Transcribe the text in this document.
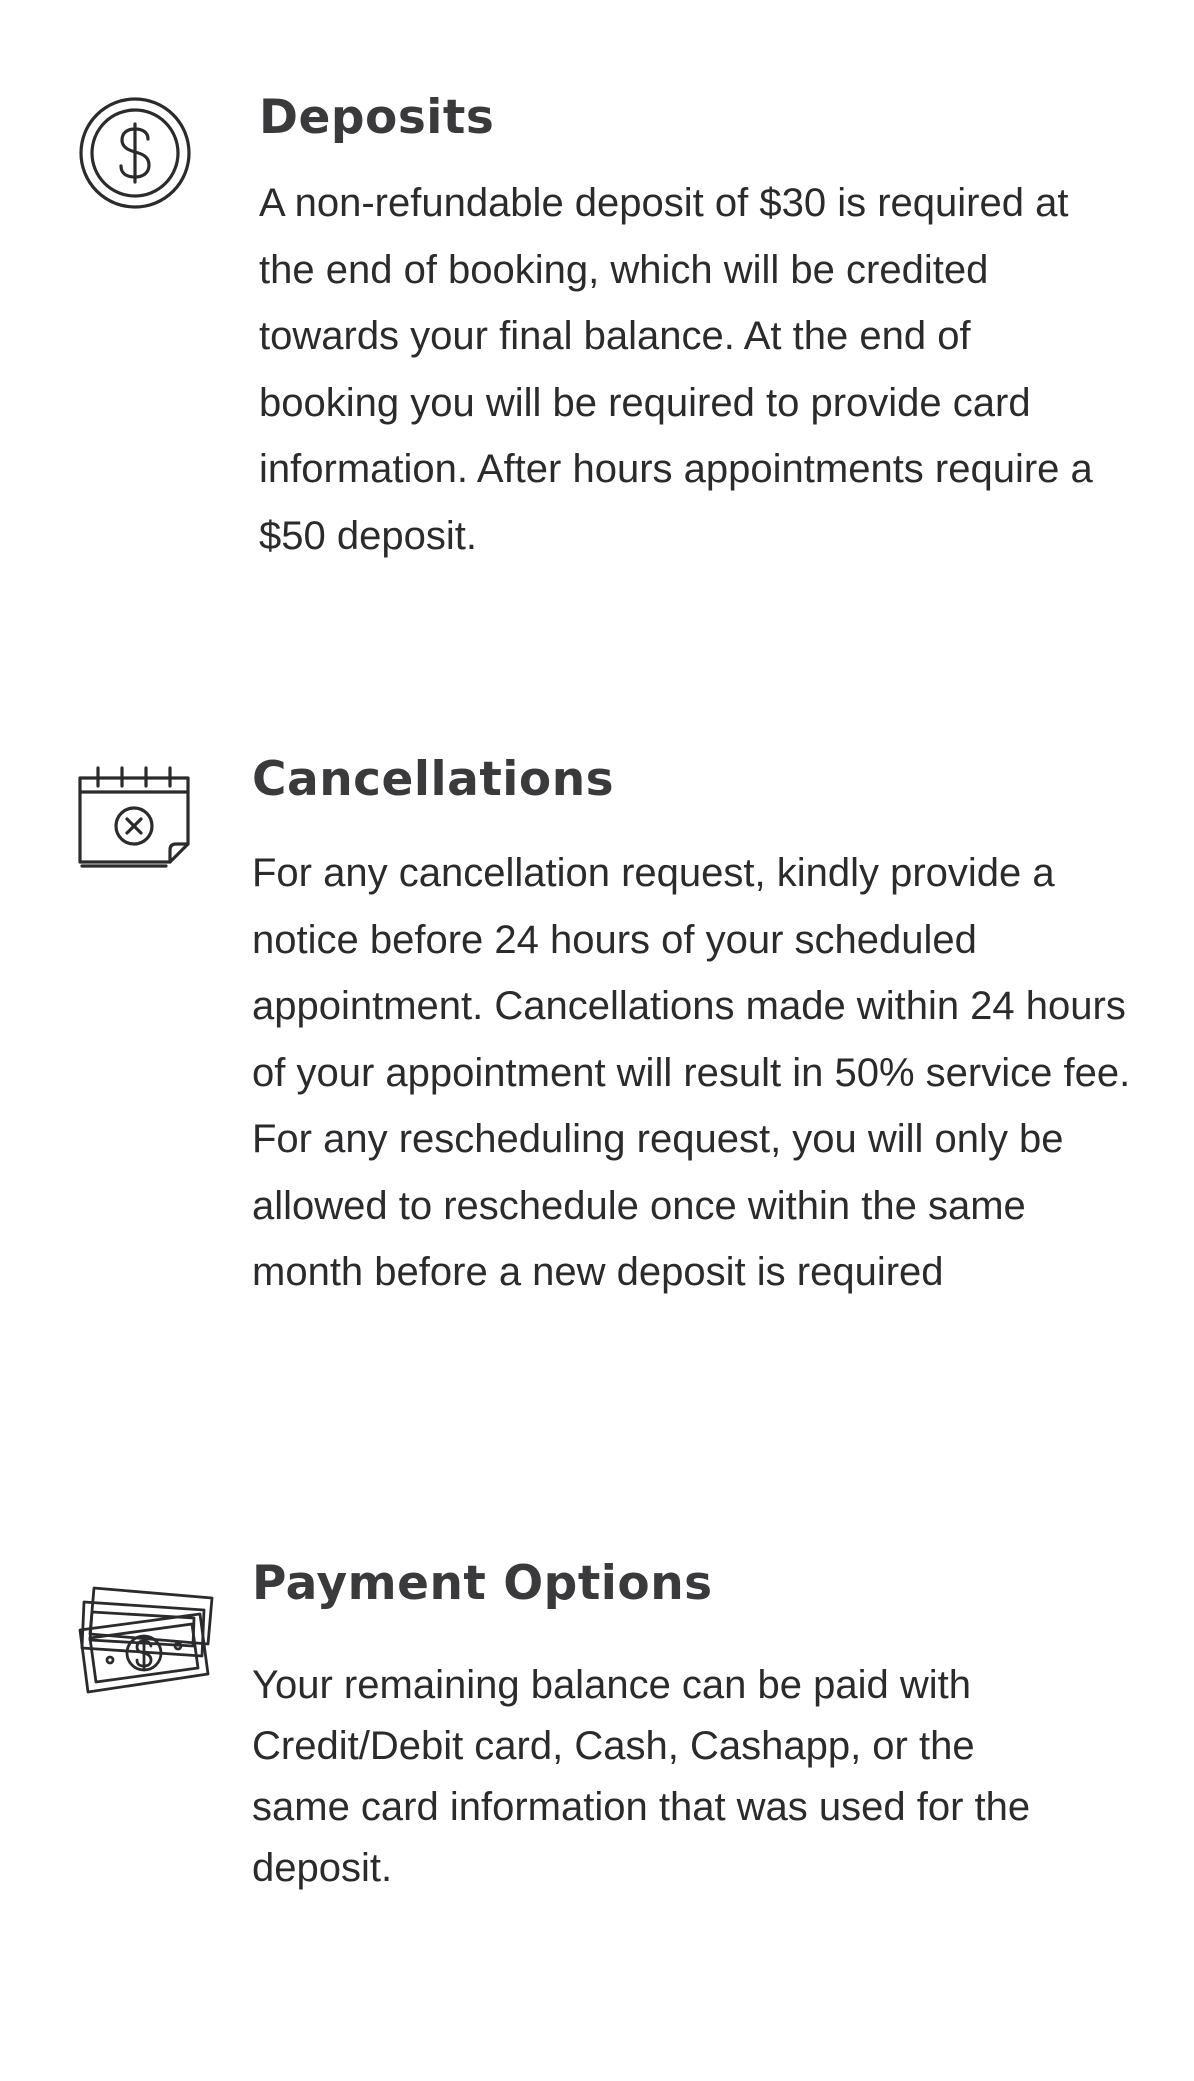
Deposits

A non-refundable deposit of $30 is required at the end of booking, which will be credited towards your final balance. At the end of booking you will be required to provide card information. After hours appointments require a $50 deposit.

Cancellations

For any cancellation request, kindly provide a notice before 24 hours of your scheduled appointment. Cancellations made within 24 hours of your appointment will result in 50% service fee. For any rescheduling request, you will only be allowed to reschedule once within the same month before a new deposit is required

Payment Options

Your remaining balance can be paid with Credit/Debit card, Cash, Cashapp, or the same card information that was used for the deposit.
